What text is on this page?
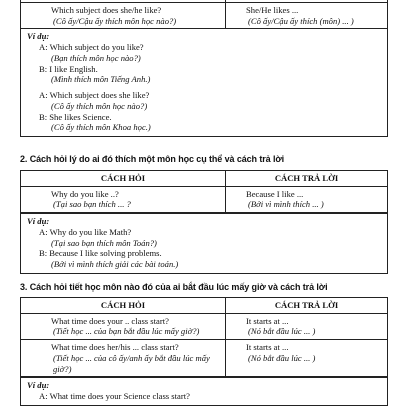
Which subject does she/he like?
(Cô ấy/Cậu ấy thích môn học nào?)
She/He likes ...
(Cô ấy/Cậu ấy thích (môn) ... )
Ví dụ:
A: Which subject do you like?
(Bạn thích môn học nào?)
B: I like English.
(Mình thích môn Tiếng Anh.)
A: Which subject does she like?
(Cô ấy thích môn học nào?)
B: She likes Science.
(Cô ấy thích môn Khoa học.)
2. Cách hỏi lý do ai đó thích một môn học cụ thể và cách trả lời
CÁCH HỎI	CÁCH TRẢ LỜI
Why do you like ..?
(Tại sao bạn thích ... ?
Because I like ...
(Bởi vì mình thích ... )
Ví dụ:
A: Why do you like Math?
(Tại sao bạn thích môn Toán?)
B: Because I like solving problems.
(Bởi vì mình thích giải các bài toán.)
3. Cách hỏi tiết học môn nào đó của ai bắt đầu lúc mấy giờ và cách trả lời
CÁCH HỎI	CÁCH TRẢ LỜI
What time does your .. class start?
(Tiết học ... của bạn bắt đầu lúc mấy giờ?)
It starts at ...
(Nó bắt đầu lúc ... )
What time does her/his ... class start?
(Tiết học ... của cô ấy/anh ấy bắt đầu lúc mấy giờ?)
It starts at ...
(Nó bắt đầu lúc ... )
Ví dụ:
A: What time does your Science class start?
